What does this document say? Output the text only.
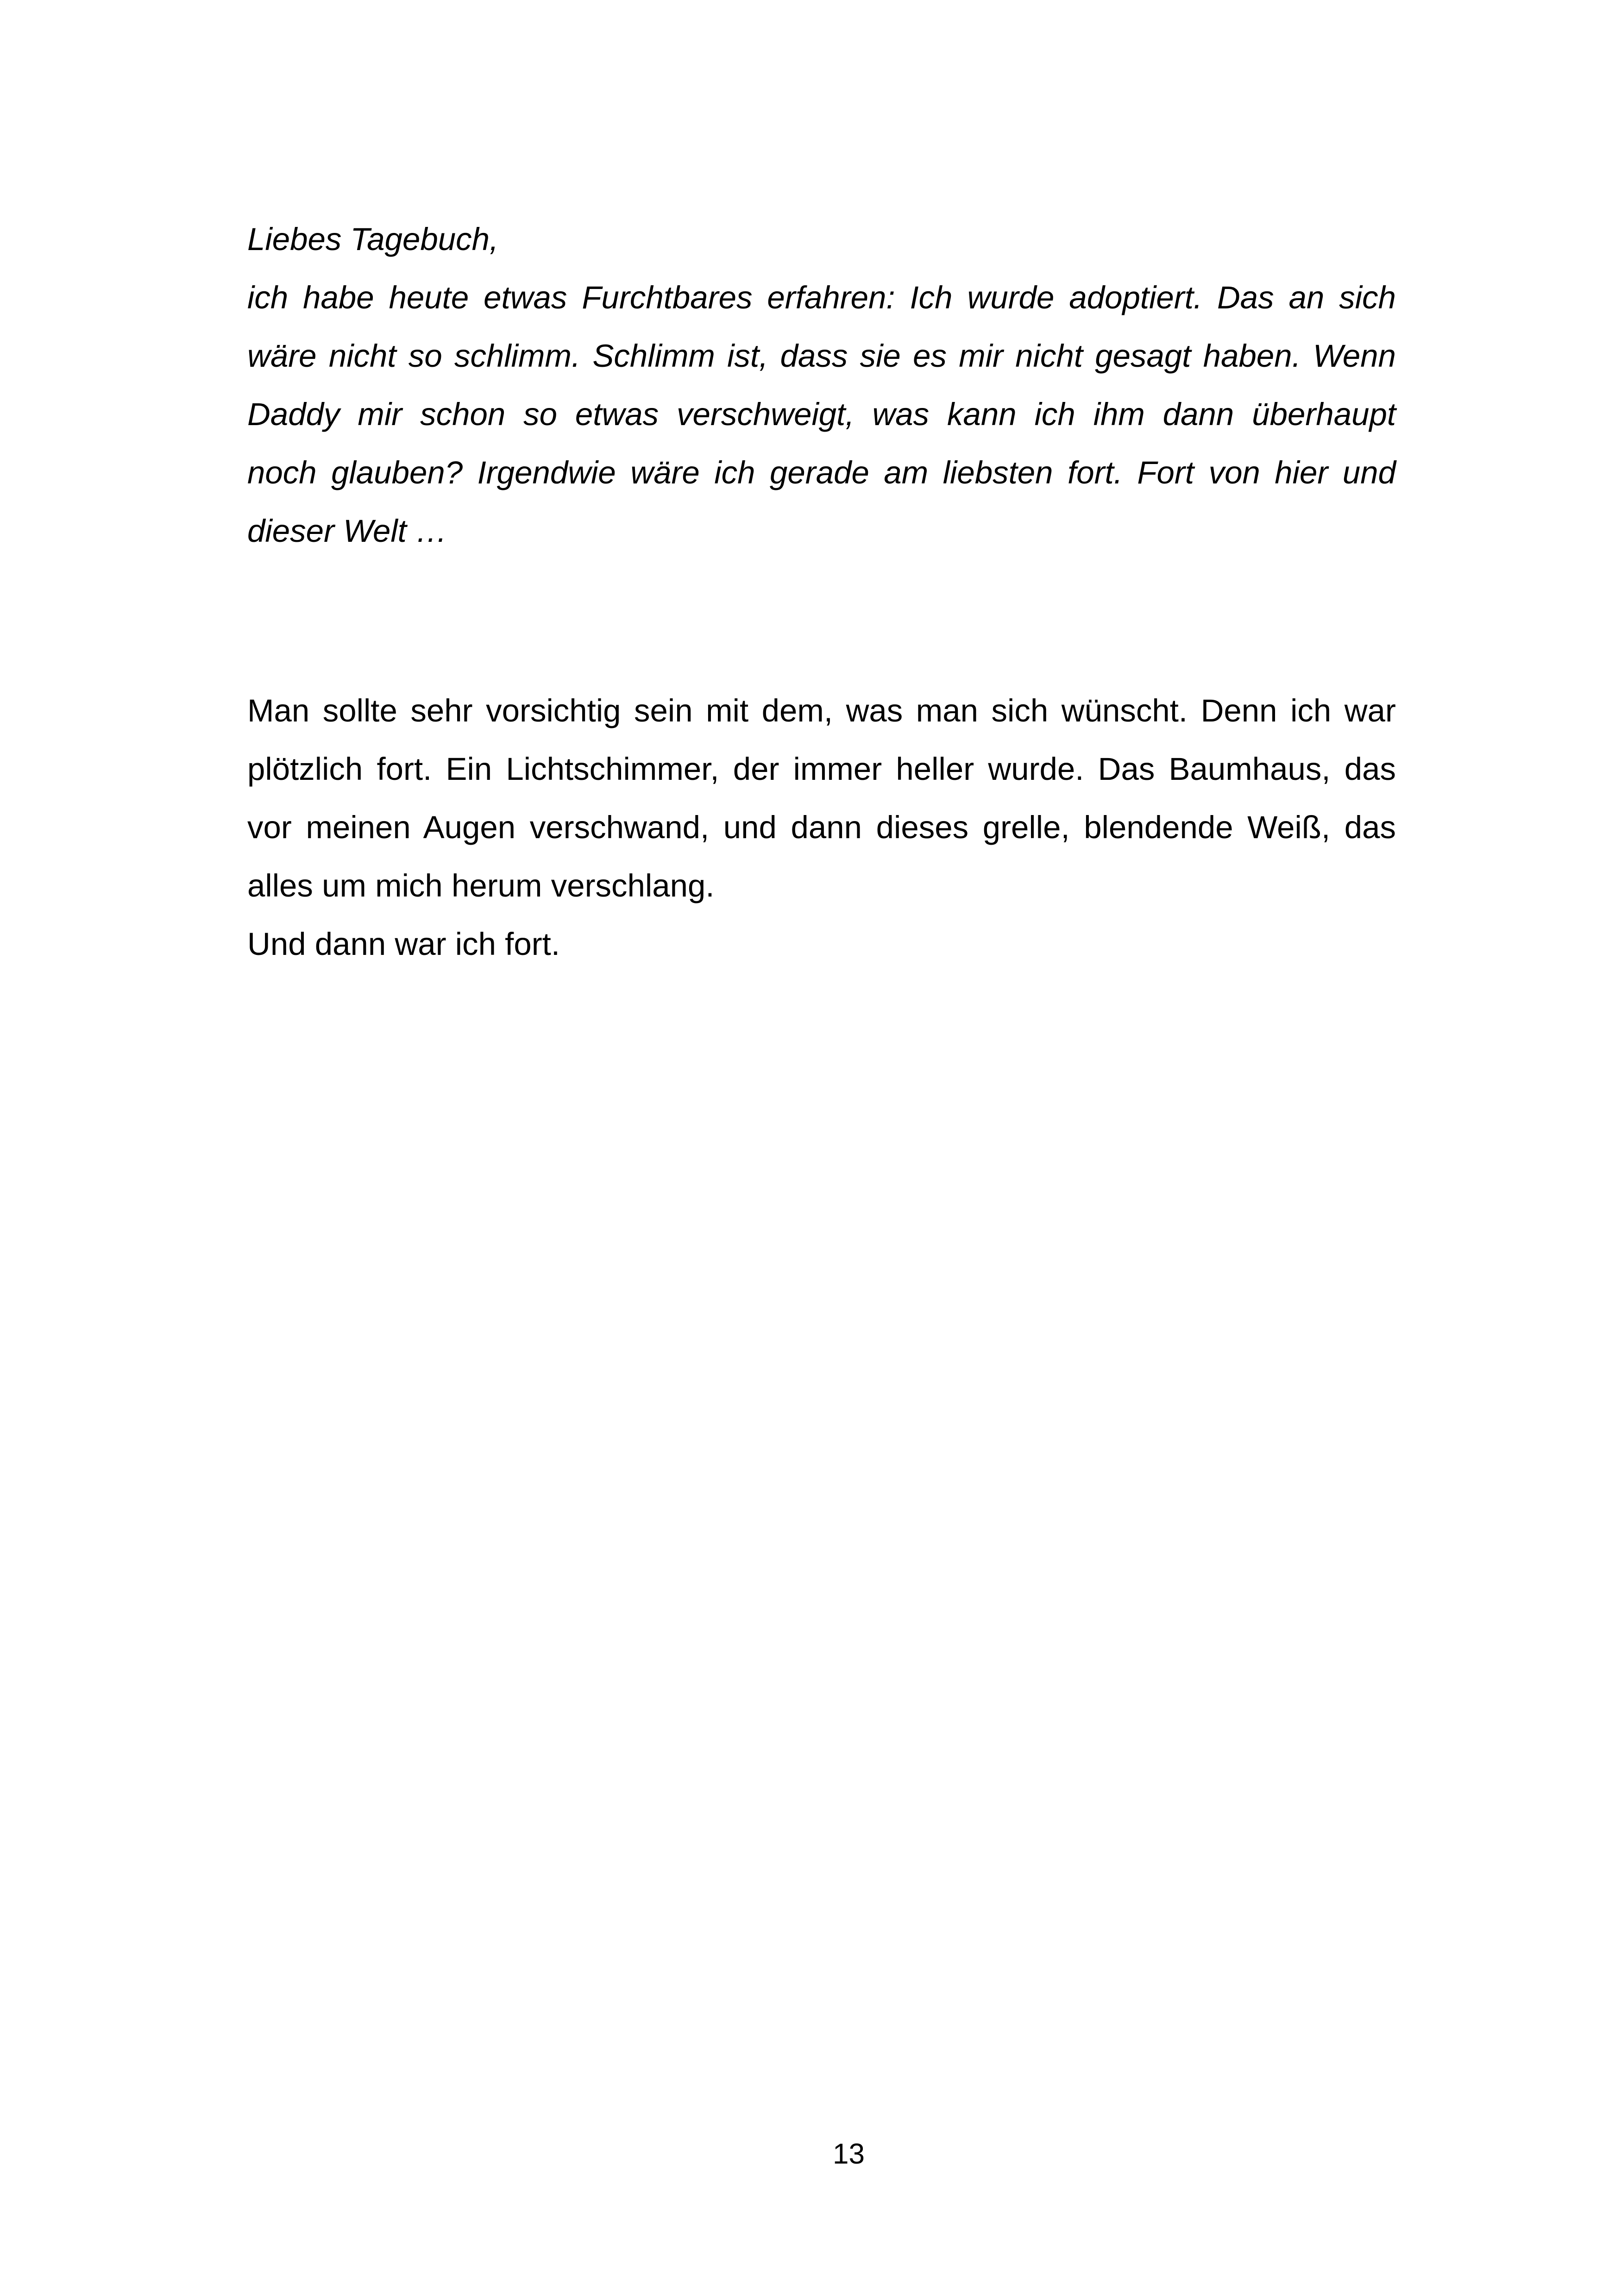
Liebes Tagebuch,
ich habe heute etwas Furchtbares erfahren: Ich wurde adoptiert. Das an sich
wäre nicht so schlimm. Schlimm ist, dass sie es mir nicht gesagt haben. Wenn
Daddy mir schon so etwas verschweigt, was kann ich ihm dann überhaupt
noch glauben? Irgendwie wäre ich gerade am liebsten fort. Fort von hier und
dieser Welt …
Man sollte sehr vorsichtig sein mit dem, was man sich wünscht. Denn ich war
plötzlich fort. Ein Lichtschimmer, der immer heller wurde. Das Baumhaus, das
vor meinen Augen verschwand, und dann dieses grelle, blendende Weiß, das
alles um mich herum verschlang.
Und dann war ich fort.
13
